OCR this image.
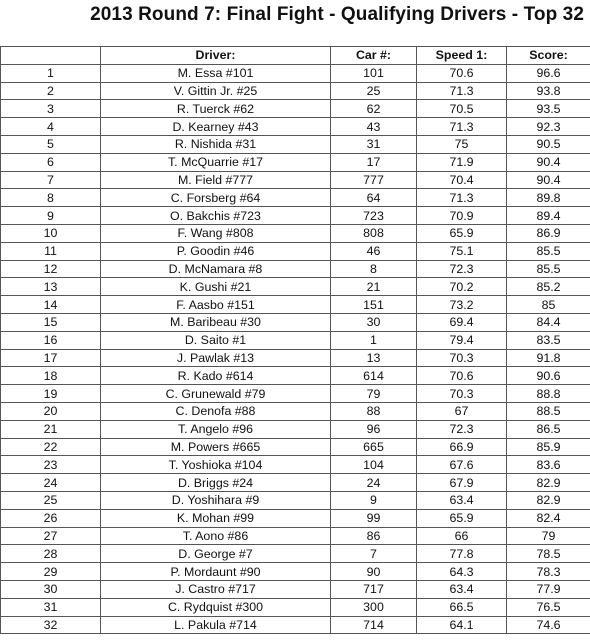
2013 Round 7: Final Fight - Qualifying Drivers - Top 32
	Driver:	Car #:	Speed 1:	Score:
1	M. Essa #101	101	70.6	96.6
2	V. Gittin Jr. #25	25	71.3	93.8
3	R. Tuerck #62	62	70.5	93.5
4	D. Kearney #43	43	71.3	92.3
5	R. Nishida #31	31	75	90.5
6	T. McQuarrie #17	17	71.9	90.4
7	M. Field #777	777	70.4	90.4
8	C. Forsberg #64	64	71.3	89.8
9	O. Bakchis #723	723	70.9	89.4
10	F. Wang #808	808	65.9	86.9
11	P. Goodin #46	46	75.1	85.5
12	D. McNamara #8	8	72.3	85.5
13	K. Gushi #21	21	70.2	85.2
14	F. Aasbo #151	151	73.2	85
15	M. Baribeau #30	30	69.4	84.4
16	D. Saito #1	1	79.4	83.5
17	J. Pawlak #13	13	70.3	91.8
18	R. Kado #614	614	70.6	90.6
19	C. Grunewald #79	79	70.3	88.8
20	C. Denofa #88	88	67	88.5
21	T. Angelo #96	96	72.3	86.5
22	M. Powers #665	665	66.9	85.9
23	T. Yoshioka #104	104	67.6	83.6
24	D. Briggs #24	24	67.9	82.9
25	D. Yoshihara #9	9	63.4	82.9
26	K. Mohan #99	99	65.9	82.4
27	T. Aono #86	86	66	79
28	D. George #7	7	77.8	78.5
29	P. Mordaunt #90	90	64.3	78.3
30	J. Castro #717	717	63.4	77.9
31	C. Rydquist #300	300	66.5	76.5
32	L. Pakula #714	714	64.1	74.6
